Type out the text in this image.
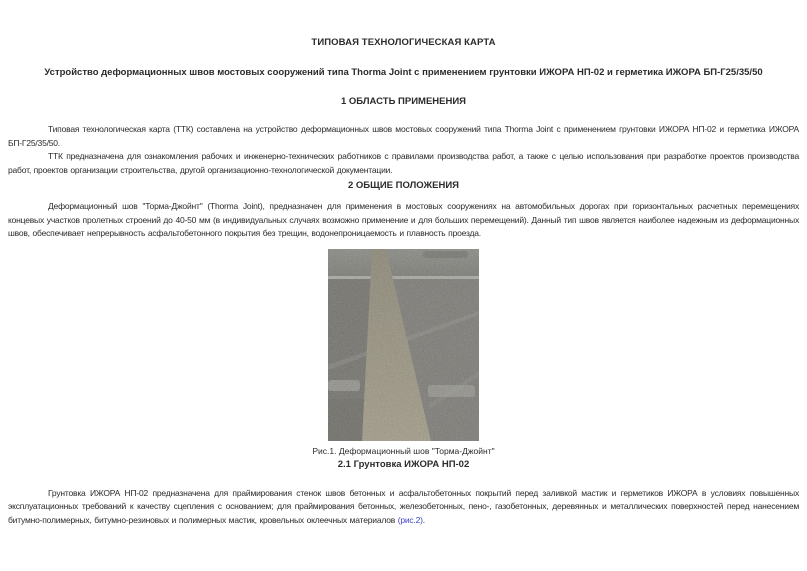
ТИПОВАЯ ТЕХНОЛОГИЧЕСКАЯ КАРТА
Устройство деформационных швов мостовых сооружений типа Thorma Joint с применением грунтовки ИЖОРА НП-02 и герметика ИЖОРА БП-Г25/35/50
1 ОБЛАСТЬ ПРИМЕНЕНИЯ

Типовая технологическая карта (ТТК) составлена на устройство деформационных швов мостовых сооружений типа Thorma Joint с применением грунтовки ИЖОРА НП-02 и герметика ИЖОРА БП-Г25/35/50.

ТТК предназначена для ознакомления рабочих и инженерно-технических работников с правилами производства работ, а также с целью использования при разработке проектов производства работ, проектов организации строительства, другой организационно-технологической документации.

2 ОБЩИЕ ПОЛОЖЕНИЯ

Деформационный шов "Торма-Джойнт" (Thorma Joint), предназначен для применения в мостовых сооружениях на автомобильных дорогах при горизонтальных расчетных перемещениях концевых участков пролетных строений до 40-50 мм (в индивидуальных случаях возможно применение и для больших перемещений). Данный тип швов является наиболее надежным из деформационных швов, обеспечивает непрерывность асфальтобетонного покрытия без трещин, водонепроницаемость и плавность проезда.

Рис.1. Деформационный шов "Торма-Джойнт"
2.1 Грунтовка ИЖОРА НП-02

Грунтовка ИЖОРА НП-02 предназначена для праймирования стенок швов бетонных и асфальтобетонных покрытий перед заливкой мастик и герметиков ИЖОРА в условиях повышенных эксплуатационных требований к качеству сцепления с основанием; для праймирования бетонных, железобетонных, пено-, газобетонных, деревянных и металлических поверхностей перед нанесением битумно-полимерных, битумно-резиновых и полимерных мастик, кровельных оклеечных материалов (рис.2).
